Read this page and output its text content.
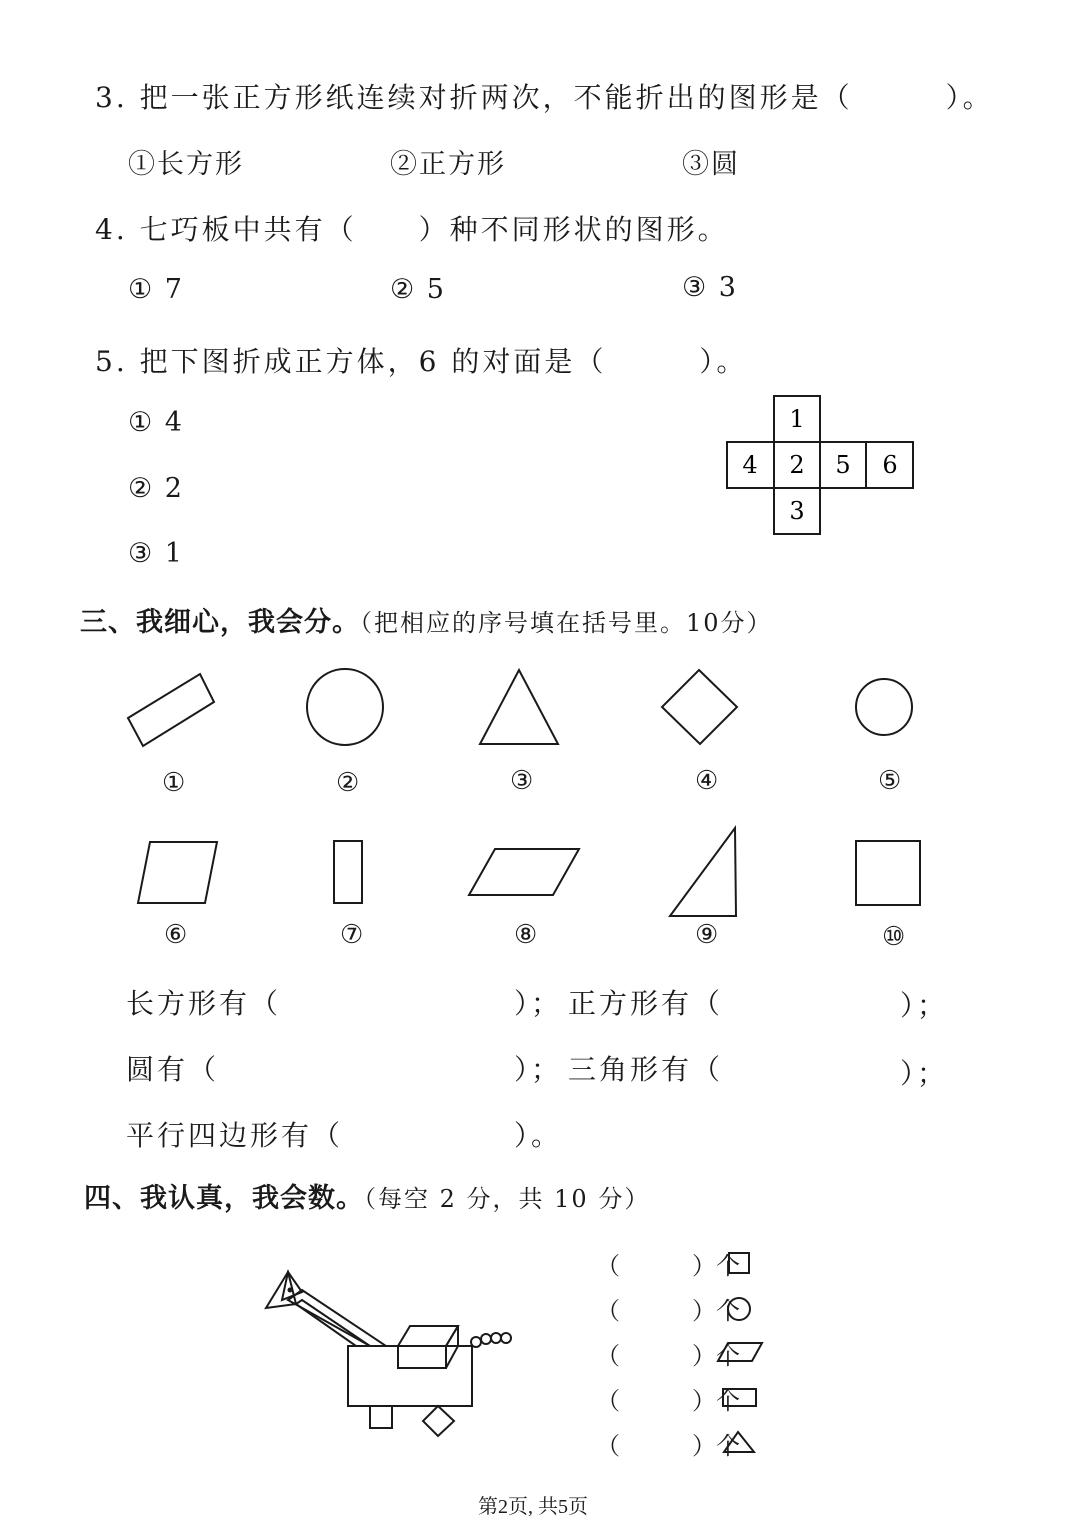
3. 把一张正方形纸连续对折两次，不能折出的图形是（　　　）。
①长方形	②正方形	③圆
4. 七巧板中共有（　　）种不同形状的图形。
① 7	② 5	③ 3
5. 把下图折成正方体，6 的对面是（　　　）。
① 4
② 2
③ 1
1
4 2 5 6
3
三、我细心，我会分。（把相应的序号填在括号里。10分）
①	②	③	④	⑤
⑥	⑦	⑧	⑨	⑩
长方形有（	）； 正方形有（	）；
圆有（	）； 三角形有（	）；
平行四边形有（	）。
四、我认真，我会数。（每空 2 分，共 10 分）
（　　　）个
（　　　）个
（　　　）个
（　　　）个
（　　　）个
第2页, 共5页
